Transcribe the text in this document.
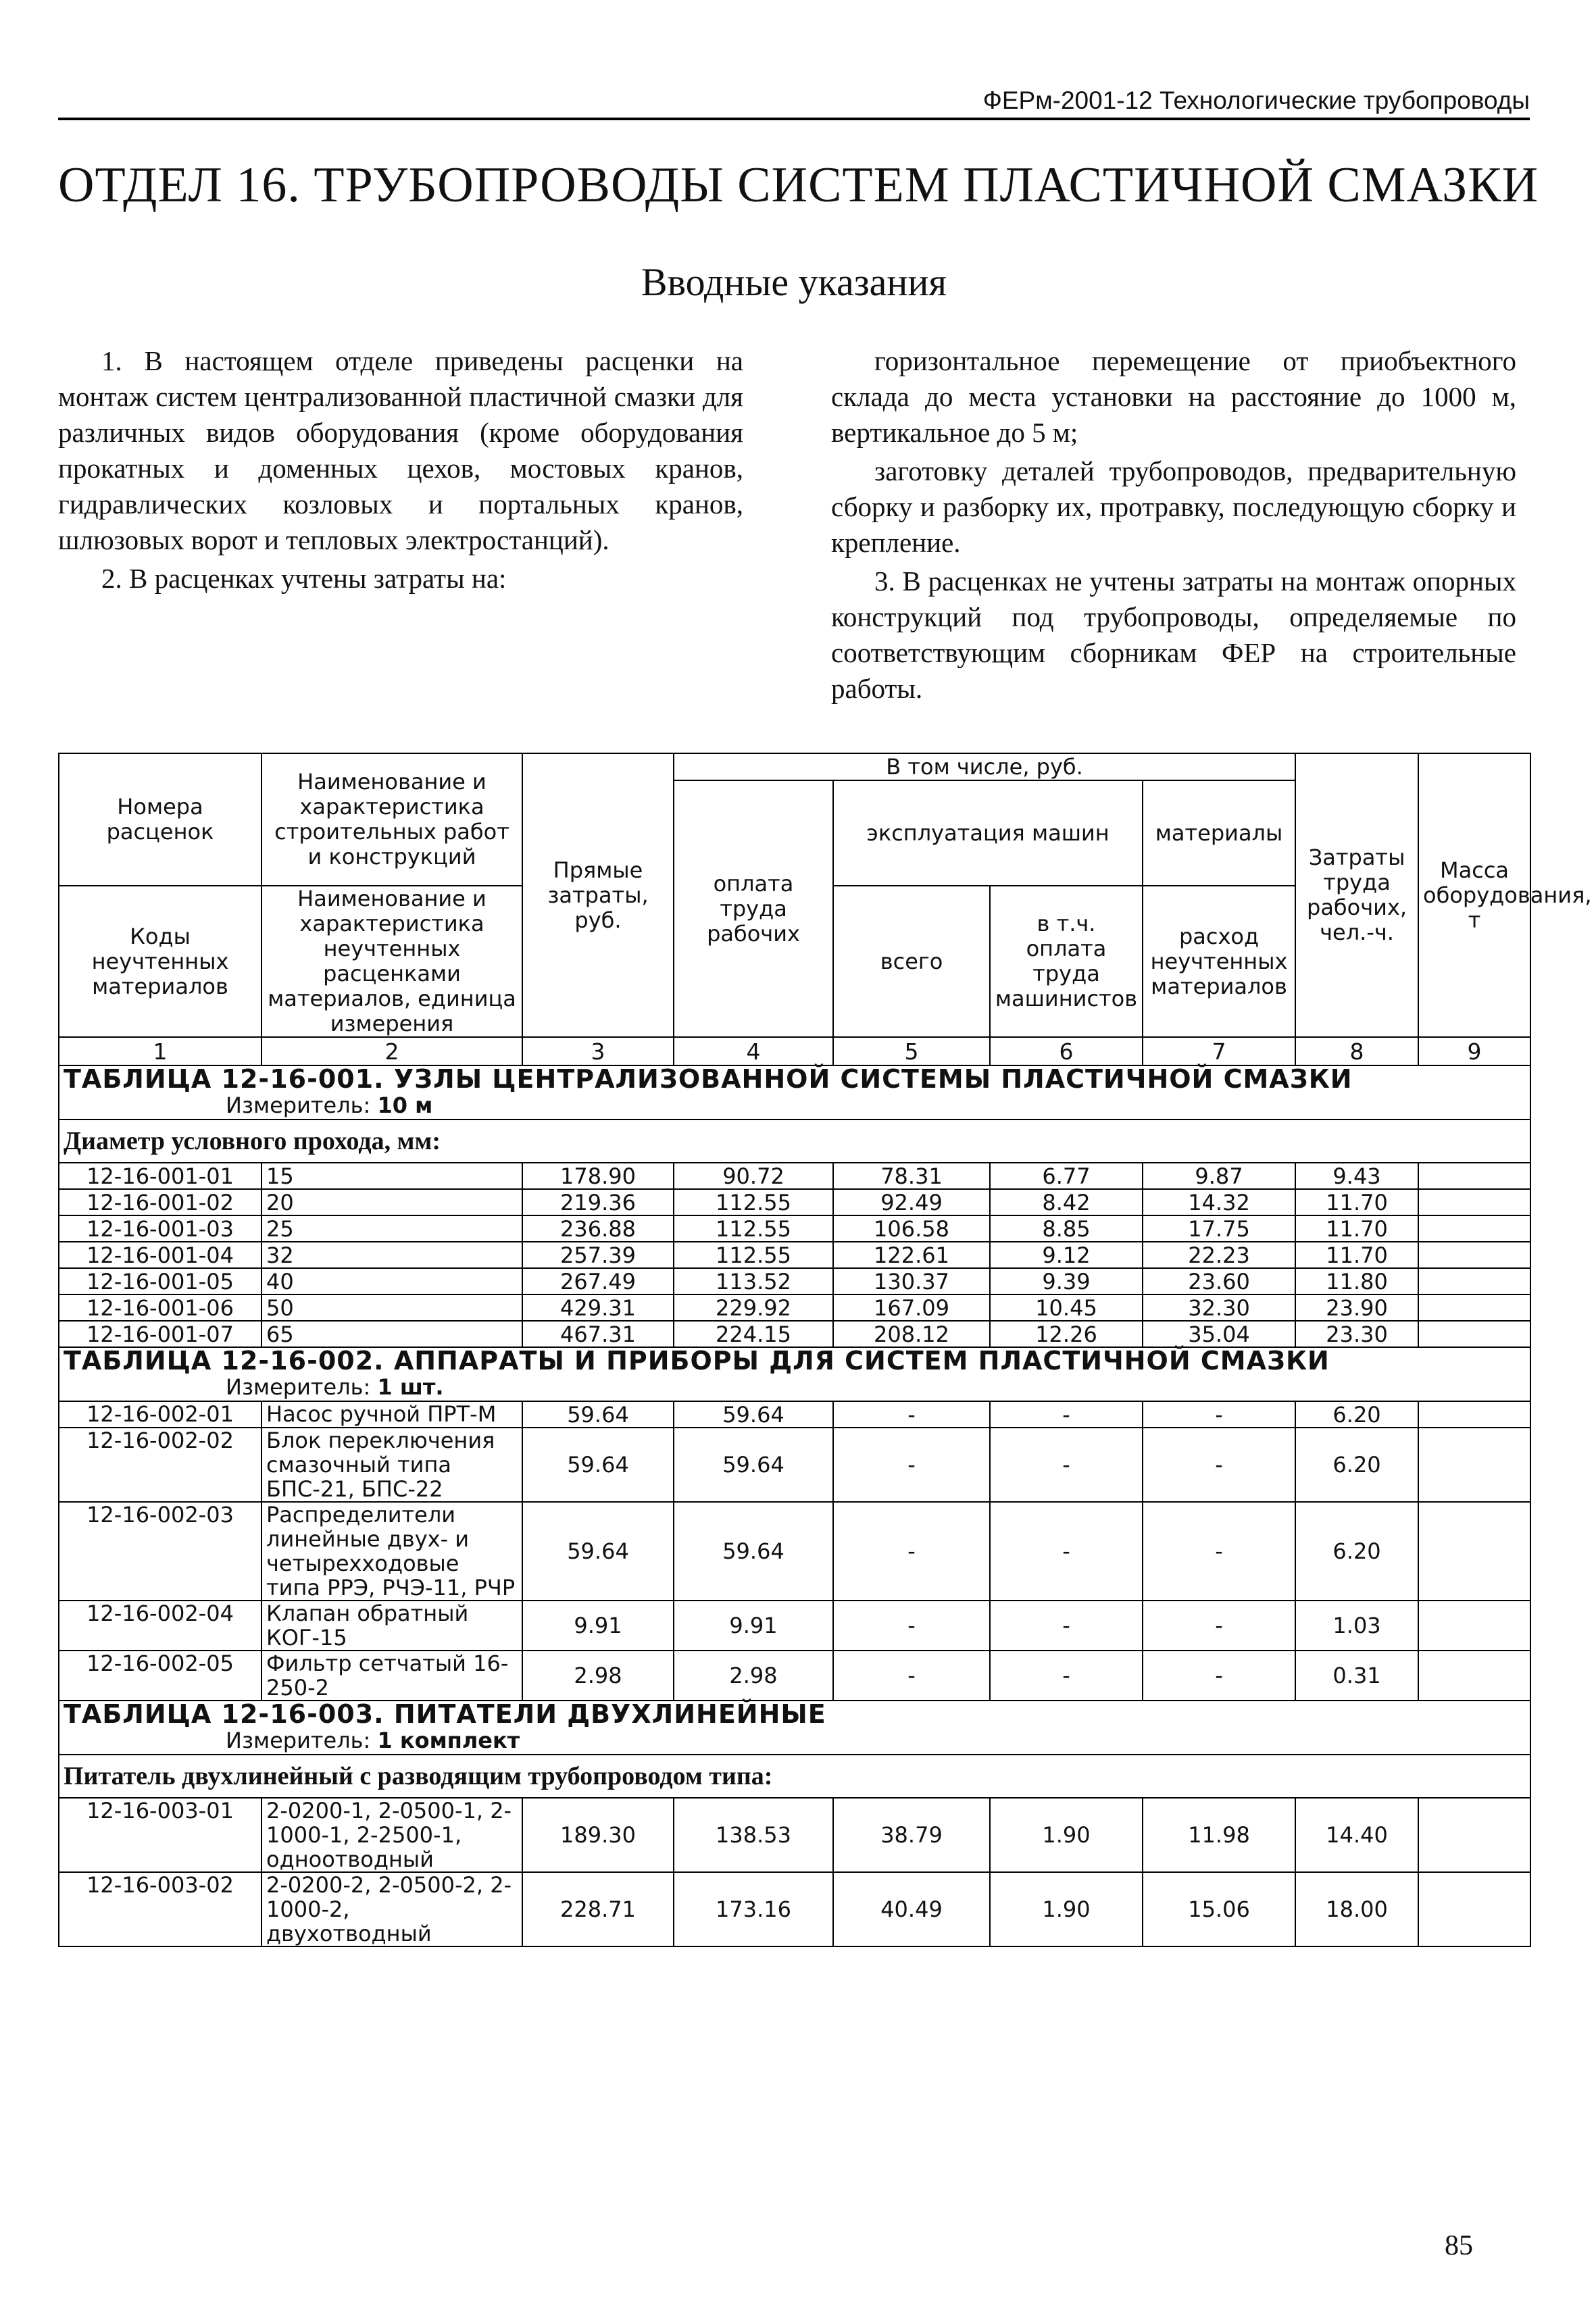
ФЕРм-2001-12 Технологические трубопроводы
ОТДЕЛ 16. ТРУБОПРОВОДЫ СИСТЕМ ПЛАСТИЧНОЙ СМАЗКИ
Вводные указания

1. В настоящем отделе приведены расценки на монтаж систем централизованной пластичной смазки для различных видов оборудования (кроме оборудования прокатных и доменных цехов, мостовых кранов, гидравлических козловых и портальных кранов, шлюзовых ворот и тепловых электростанций).

2. В расценках учтены затраты на:

горизонтальное перемещение от приобъектного склада до места установки на расстояние до 1000 м, вертикальное до 5 м;

заготовку деталей трубопроводов, предварительную сборку и разборку их, протравку, последующую сборку и крепление.

3. В расценках не учтены затраты на монтаж опорных конструкций под трубопроводы, определяемые по соответствующим сборникам ФЕР на строительные работы.

Номера расценок	Наименование и характеристика строительных работ и конструкций	Прямые затраты, руб.	В том числе, руб.				Затраты труда рабочих, чел.-ч.	Масса оборудования, т
			оплата труда рабочих	эксплуатация машин		материалы		

Коды неучтенных материалов	Наименование и характеристика неучтенных расценками материалов, единица измерения			всего	в т.ч. оплата труда машинистов	расход неучтенных материалов		

1	2	3	4	5	6	7	8	9

ТАБЛИЦА 12-16-001. УЗЛЫ ЦЕНТРАЛИЗОВАННОЙ СИСТЕМЫ ПЛАСТИЧНОЙ СМАЗКИ
Измеритель: 10 м								

Диаметр условного прохода, мм:								
12-16-001-01	15	178.90	90.72	78.31	6.77	9.87	9.43	
12-16-001-02	20	219.36	112.55	92.49	8.42	14.32	11.70	
12-16-001-03	25	236.88	112.55	106.58	8.85	17.75	11.70	
12-16-001-04	32	257.39	112.55	122.61	9.12	22.23	11.70	
12-16-001-05	40	267.49	113.52	130.37	9.39	23.60	11.80	
12-16-001-06	50	429.31	229.92	167.09	10.45	32.30	23.90	
12-16-001-07	65	467.31	224.15	208.12	12.26	35.04	23.30	

ТАБЛИЦА 12-16-002. АППАРАТЫ И ПРИБОРЫ ДЛЯ СИСТЕМ ПЛАСТИЧНОЙ СМАЗКИ
Измеритель: 1 шт.								

12-16-002-01	Насос ручной ПРТ-М	59.64	59.64	-	-	-	6.20	
12-16-002-02	Блок переключения смазочный типа БПС-21, БПС-22	59.64	59.64	-	-	-	6.20	
12-16-002-03	Распределители линейные двух- и четырехходовые типа РРЭ, РЧЭ-11, РЧР	59.64	59.64	-	-	-	6.20	
12-16-002-04	Клапан обратный КОГ-15	9.91	9.91	-	-	-	1.03	
12-16-002-05	Фильтр сетчатый 16-250-2	2.98	2.98	-	-	-	0.31	

ТАБЛИЦА 12-16-003. ПИТАТЕЛИ ДВУХЛИНЕЙНЫЕ
Измеритель: 1 комплект								

Питатель двухлинейный с разводящим трубопроводом типа:								
12-16-003-01	2-0200-1, 2-0500-1, 2-1000-1, 2-2500-1, одноотводный	189.30	138.53	38.79	1.90	11.98	14.40	
12-16-003-02	2-0200-2, 2-0500-2, 2-1000-2, двухотводный	228.71	173.16	40.49	1.90	15.06	18.00	
85
